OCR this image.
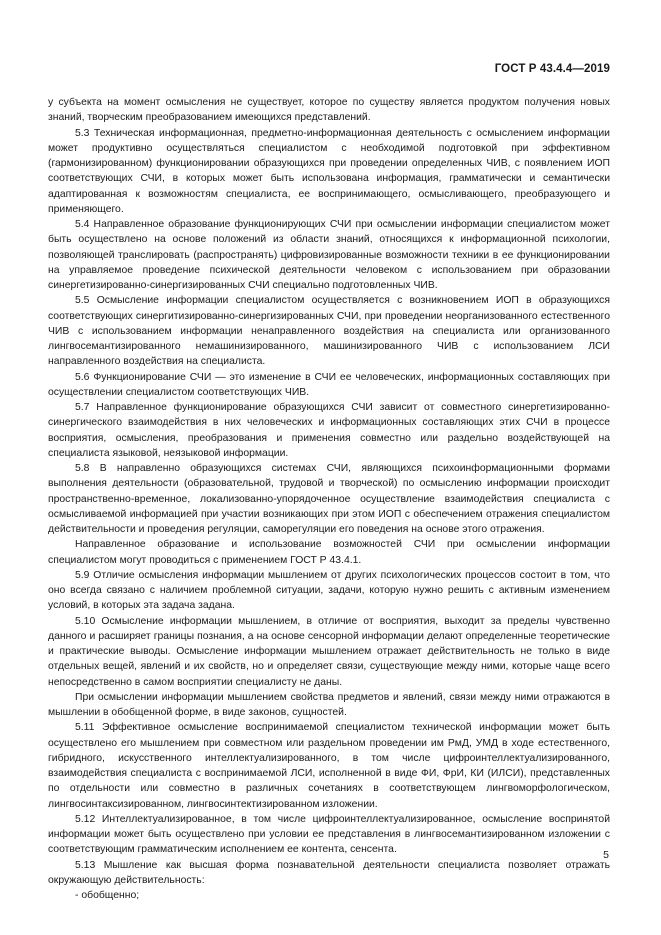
ГОСТ Р 43.4.4—2019

у субъекта на момент осмысления не существует, которое по существу является продуктом получения новых знаний, творческим преобразованием имеющихся представлений.

5.3 Техническая информационная, предметно-информационная деятельность с осмыслением информации может продуктивно осуществляться специалистом с необходимой подготовкой при эффективном (гармонизированном) функционировании образующихся при проведении определенных ЧИВ, с появлением ИОП соответствующих СЧИ, в которых может быть использована информация, грамматически и семантически адаптированная к возможностям специалиста, ее воспринимающего, осмысливающего, преобразующего и применяющего.

5.4 Направленное образование функционирующих СЧИ при осмыслении информации специалистом может быть осуществлено на основе положений из области знаний, относящихся к информационной психологии, позволяющей транслировать (распространять) цифровизированные возможности техники в ее функционировании на управляемое проведение психической деятельности человеком с использованием при образовании синергетизированно-синергизированных СЧИ специально подготовленных ЧИВ.

5.5 Осмысление информации специалистом осуществляется с возникновением ИОП в образующихся соответствующих синергитизированно-синергизированных СЧИ, при проведении неорганизованного естественного ЧИВ с использованием информации ненаправленного воздействия на специалиста или организованного лингвосемантизированного немашинизированного, машинизированного ЧИВ с использованием ЛСИ направленного воздействия на специалиста.

5.6 Функционирование СЧИ — это изменение в СЧИ ее человеческих, информационных составляющих при осуществлении специалистом соответствующих ЧИВ.

5.7 Направленное функционирование образующихся СЧИ зависит от совместного синергетизированно-синергического взаимодействия в них человеческих и информационных составляющих этих СЧИ в процессе восприятия, осмысления, преобразования и применения совместно или раздельно воздействующей на специалиста языковой, неязыковой информации.

5.8 В направленно образующихся системах СЧИ, являющихся психоинформационными формами выполнения деятельности (образовательной, трудовой и творческой) по осмыслению информации происходит пространственно-временное, локализованно-упорядоченное осуществление взаимодействия специалиста с осмысливаемой информацией при участии возникающих при этом ИОП с обеспечением отражения специалистом действительности и проведения регуляции, саморегуляции его поведения на основе этого отражения.

Направленное образование и использование возможностей СЧИ при осмыслении информации специалистом могут проводиться с применением ГОСТ Р 43.4.1.

5.9 Отличие осмысления информации мышлением от других психологических процессов состоит в том, что оно всегда связано с наличием проблемной ситуации, задачи, которую нужно решить с активным изменением условий, в которых эта задача задана.

5.10 Осмысление информации мышлением, в отличие от восприятия, выходит за пределы чувственно данного и расширяет границы познания, а на основе сенсорной информации делают определенные теоретические и практические выводы. Осмысление информации мышлением отражает действительность не только в виде отдельных вещей, явлений и их свойств, но и определяет связи, существующие между ними, которые чаще всего непосредственно в самом восприятии специалисту не даны.

При осмыслении информации мышлением свойства предметов и явлений, связи между ними отражаются в мышлении в обобщенной форме, в виде законов, сущностей.

5.11 Эффективное осмысление воспринимаемой специалистом технической информации может быть осуществлено его мышлением при совместном или раздельном проведении им РмД, УМД в ходе естественного, гибридного, искусственного интеллектуализированного, в том числе цифроинтеллектуализированного, взаимодействия специалиста с воспринимаемой ЛСИ, исполненной в виде ФИ, ФрИ, КИ (ИЛСИ), представленных по отдельности или совместно в различных сочетаниях в соответствующем лингвоморфологическом, лингвосинтаксизированном, лингвосинтектизированном изложении.

5.12 Интеллектуализированное, в том числе цифроинтеллектуализированное, осмысление воспринятой информации может быть осуществлено при условии ее представления в лингвосемантизированном изложении с соответствующим грамматическим исполнением ее контента, сенсента.

5.13 Мышление как высшая форма познавательной деятельности специалиста позволяет отражать окружающую действительность:

- обобщенно;

5
